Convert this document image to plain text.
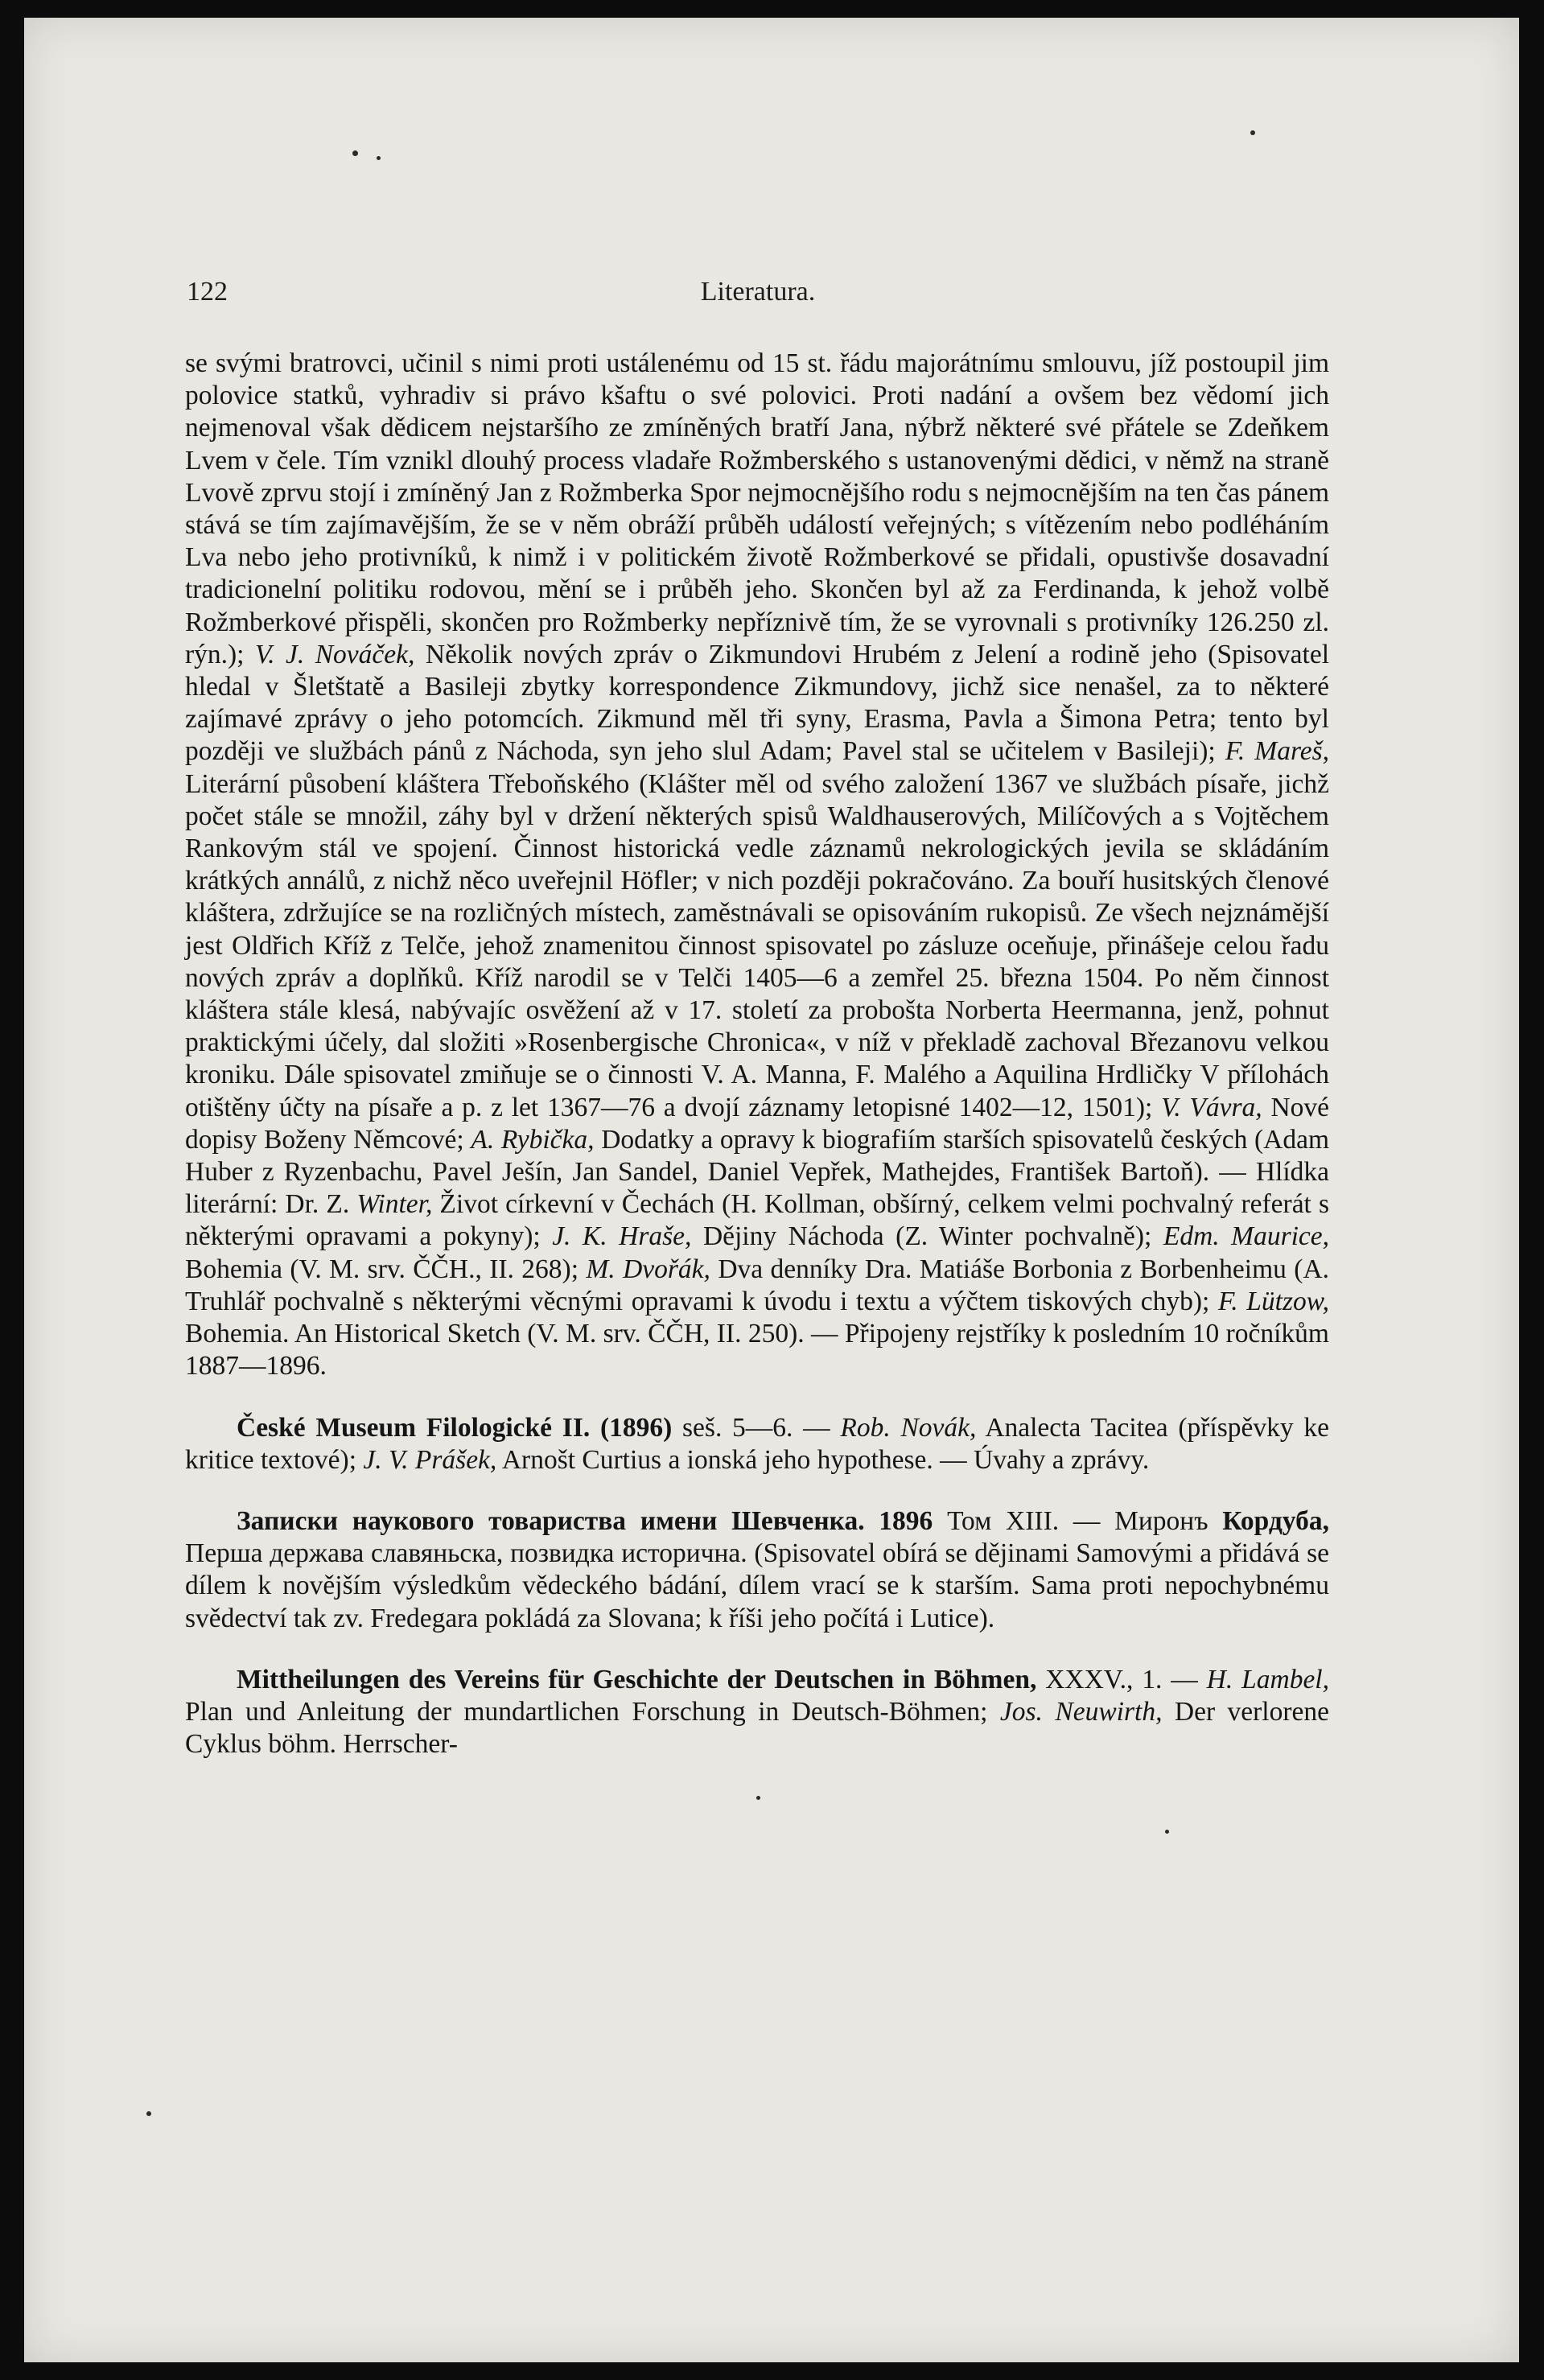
122	Literatura.

se svými bratrovci, učinil s nimi proti ustálenému od 15 st. řádu majorátnímu smlouvu, jíž postoupil jim polovice statků, vyhradiv si právo kšaftu o své polovici. Proti nadání a ovšem bez vědomí jich nejmenoval však dědicem nejstaršího ze zmíněných bratří Jana, nýbrž některé své přátele se Zdeňkem Lvem v čele. Tím vznikl dlouhý process vladaře Rožmberského s ustanovenými dědici, v němž na straně Lvově zprvu stojí i zmíněný Jan z Rožmberka Spor nejmocnějšího rodu s nejmocnějším na ten čas pánem stává se tím zajímavějším, že se v něm obráží průběh událostí veřejných; s vítězením nebo podléháním Lva nebo jeho protivníků, k nimž i v politickém životě Rožmberkové se přidali, opustivše dosavadní tradicionelní politiku rodovou, mění se i průběh jeho. Skončen byl až za Ferdinanda, k jehož volbě Rožmberkové přispěli, skončen pro Rožmberky nepříznivě tím, že se vyrovnali s protivníky 126.250 zl. rýn.); V. J. Nováček, Několik nových zpráv o Zikmundovi Hrubém z Jelení a rodině jeho (Spisovatel hledal v Šletštatě a Basileji zbytky korrespondence Zikmundovy, jichž sice nenašel, za to některé zajímavé zprávy o jeho potomcích. Zikmund měl tři syny, Erasma, Pavla a Šimona Petra; tento byl později ve službách pánů z Náchoda, syn jeho slul Adam; Pavel stal se učitelem v Basileji); F. Mareš, Literární působení kláštera Třeboňského (Klášter měl od svého založení 1367 ve službách písaře, jichž počet stále se množil, záhy byl v držení některých spisů Waldhauserových, Milíčových a s Vojtěchem Rankovým stál ve spojení. Činnost historická vedle záznamů nekrologických jevila se skládáním krátkých annálů, z nichž něco uveřejnil Höfler; v nich později pokračováno. Za bouří husitských členové kláštera, zdržujíce se na rozličných místech, zaměstnávali se opisováním rukopisů. Ze všech nejznámější jest Oldřich Kříž z Telče, jehož znamenitou činnost spisovatel po zásluze oceňuje, přinášeje celou řadu nových zpráv a doplňků. Kříž narodil se v Telči 1405—6 a zemřel 25. března 1504. Po něm činnost kláštera stále klesá, nabývajíc osvěžení až v 17. století za probošta Norberta Heermanna, jenž, pohnut praktickými účely, dal složiti »Rosenbergische Chronica«, v níž v překladě zachoval Březanovu velkou kroniku. Dále spisovatel zmiňuje se o činnosti V. A. Manna, F. Malého a Aquilina Hrdličky V přílohách otištěny účty na písaře a p. z let 1367—76 a dvojí záznamy letopisné 1402—12, 1501); V. Vávra, Nové dopisy Boženy Němcové; A. Rybička, Dodatky a opravy k biografiím starších spisovatelů českých (Adam Huber z Ryzenbachu, Pavel Ješín, Jan Sandel, Daniel Vepřek, Mathejdes, František Bartoň). — Hlídka literární: Dr. Z. Winter, Život církevní v Čechách (H. Kollman, obšírný, celkem velmi pochvalný referát s některými opravami a pokyny); J. K. Hraše, Dějiny Náchoda (Z. Winter pochvalně); Edm. Maurice, Bohemia (V. M. srv. ČČH., II. 268); M. Dvořák, Dva denníky Dra. Matiáše Borbonia z Borbenheimu (A. Truhlář pochvalně s některými věcnými opravami k úvodu i textu a výčtem tiskových chyb); F. Lützow, Bohemia. An Historical Sketch (V. M. srv. ČČH, II. 250). — Připojeny rejstříky k posledním 10 ročníkům 1887—1896.

České Museum Filologické II. (1896) seš. 5—6. — Rob. Novák, Analecta Tacitea (příspěvky ke kritice textové); J. V. Prášek, Arnošt Curtius a ionská jeho hypothese. — Úvahy a zprávy.

Записки наукового товариства имени Шевченка. 1896 Том XIII. — Миронъ Кордуба, Перша держава славяньска, позвидка исторична. (Spisovatel obírá se dějinami Samovými a přidává se dílem k novějším výsledkům vědeckého bádání, dílem vrací se k starším. Sama proti nepochybnému svědectví tak zv. Fredegara pokládá za Slovana; k říši jeho počítá i Lutice).

Mittheilungen des Vereins für Geschichte der Deutschen in Böhmen, XXXV., 1. — H. Lambel, Plan und Anleitung der mundartlichen Forschung in Deutsch-Böhmen; Jos. Neuwirth, Der verlorene Cyklus böhm. Herrscher-
